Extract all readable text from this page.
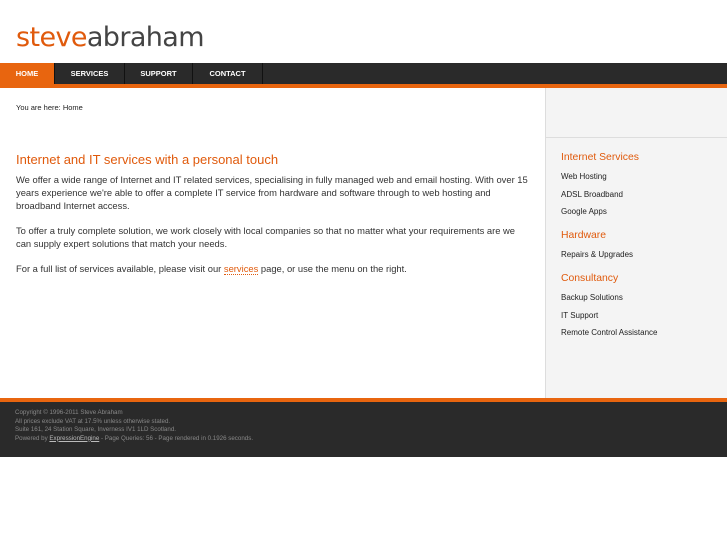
steveabraham
HOME	SERVICES	SUPPORT	CONTACT
You are here: Home
Internet and IT services with a personal touch

We offer a wide range of Internet and IT related services, specialising in fully managed web and email hosting. With over 15 years experience we're able to offer a complete IT service from hardware and software through to web hosting and broadband Internet access.

To offer a truly complete solution, we work closely with local companies so that no matter what your requirements are we can supply expert solutions that match your needs.

For a full list of services available, please visit our services page, or use the menu on the right.

Internet Services
Web Hosting
ADSL Broadband
Google Apps
Hardware
Repairs & Upgrades
Consultancy
Backup Solutions
IT Support
Remote Control Assistance
Copyright © 1996-2011 Steve Abraham
All prices exclude VAT at 17.5% unless otherwise stated.
Suite 161, 24 Station Square, Inverness IV1 1LD Scotland.
Powered by ExpressionEngine - Page Queries: 56 - Page rendered in 0.1926 seconds.
